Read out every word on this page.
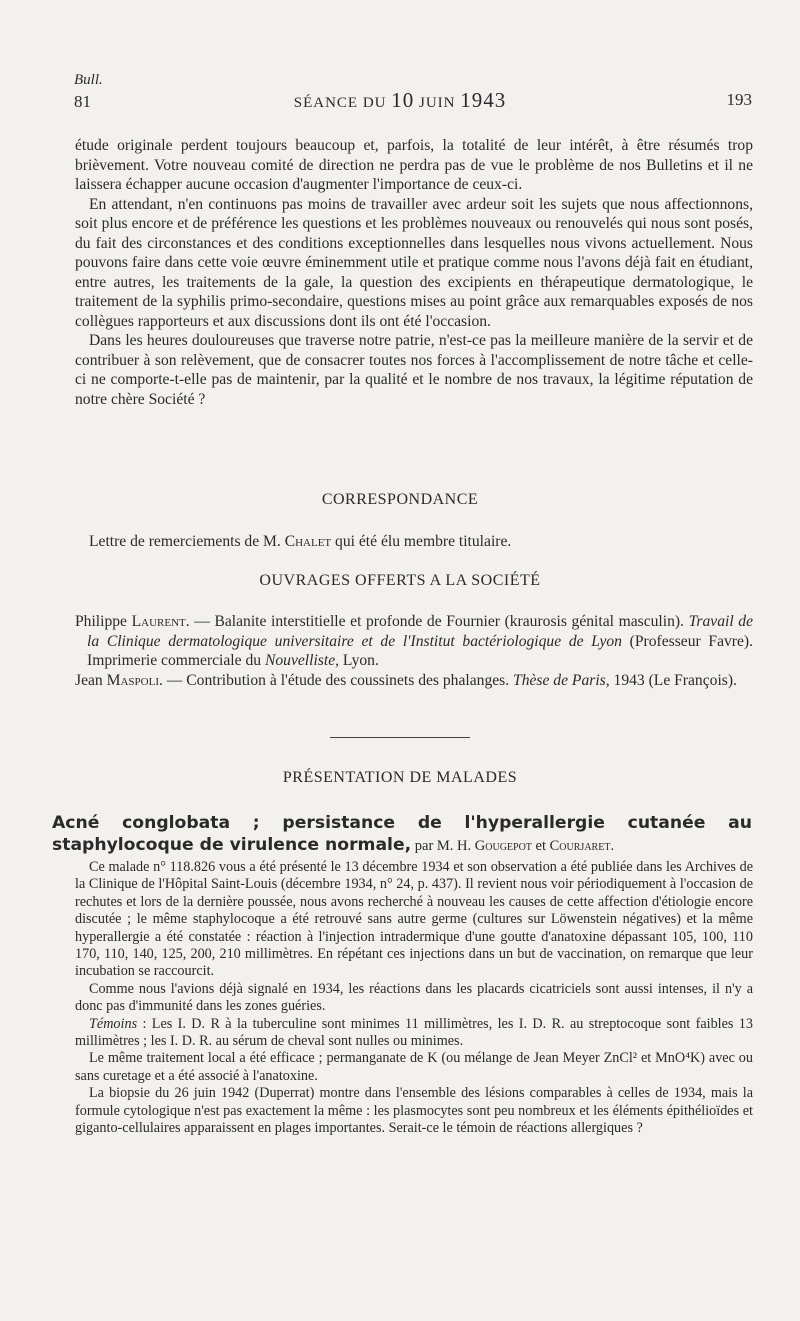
Bull.
81	SÉANCE DU 10 JUIN 1943	193

étude originale perdent toujours beaucoup et, parfois, la totalité de leur intérêt, à être résumés trop brièvement. Votre nouveau comité de direction ne perdra pas de vue le problème de nos Bulletins et il ne laissera échapper aucune occasion d'augmenter l'importance de ceux-ci.

En attendant, n'en continuons pas moins de travailler avec ardeur soit les sujets que nous affectionnons, soit plus encore et de préférence les questions et les problèmes nouveaux ou renouvelés qui nous sont posés, du fait des circonstances et des conditions exceptionnelles dans lesquelles nous vivons actuellement. Nous pouvons faire dans cette voie œuvre éminemment utile et pratique comme nous l'avons déjà fait en étudiant, entre autres, les traitements de la gale, la question des excipients en thérapeutique dermatologique, le traitement de la syphilis primo-secondaire, questions mises au point grâce aux remarquables exposés de nos collègues rapporteurs et aux discussions dont ils ont été l'occasion.

Dans les heures douloureuses que traverse notre patrie, n'est-ce pas la meilleure manière de la servir et de contribuer à son relèvement, que de consacrer toutes nos forces à l'accomplissement de notre tâche et celle-ci ne comporte-t-elle pas de maintenir, par la qualité et le nombre de nos travaux, la légitime réputation de notre chère Société ?

CORRESPONDANCE

Lettre de remerciements de M. Chalet qui été élu membre titulaire.

OUVRAGES OFFERTS A LA SOCIÉTÉ

Philippe Laurent. — Balanite interstitielle et profonde de Fournier (kraurosis génital masculin). Travail de la Clinique dermatologique universitaire et de l'Institut bactériologique de Lyon (Professeur Favre). Imprimerie commerciale du Nouvelliste, Lyon.

Jean Maspoli. — Contribution à l'étude des coussinets des phalanges. Thèse de Paris, 1943 (Le François).

PRÉSENTATION DE MALADES
Acné conglobata ; persistance de l'hyperallergie cutanée au staphylocoque de virulence normale, par M. H. Gougepot et Courjaret.

Ce malade n° 118.826 vous a été présenté le 13 décembre 1934 et son observation a été publiée dans les Archives de la Clinique de l'Hôpital Saint-Louis (décembre 1934, n° 24, p. 437). Il revient nous voir périodiquement à l'occasion de rechutes et lors de la dernière poussée, nous avons recherché à nouveau les causes de cette affection d'étiologie encore discutée ; le même staphylocoque a été retrouvé sans autre germe (cultures sur Löwenstein négatives) et la même hyperallergie a été constatée : réaction à l'injection intradermique d'une goutte d'anatoxine dépassant 105, 100, 110 170, 110, 140, 125, 200, 210 millimètres. En répétant ces injections dans un but de vaccination, on remarque que leur incubation se raccourcit.

Comme nous l'avions déjà signalé en 1934, les réactions dans les placards cicatriciels sont aussi intenses, il n'y a donc pas d'immunité dans les zones guéries.

Témoins : Les I. D. R à la tuberculine sont minimes 11 millimètres, les I. D. R. au streptocoque sont faibles 13 millimètres ; les I. D. R. au sérum de cheval sont nulles ou minimes.

Le même traitement local a été efficace ; permanganate de K (ou mélange de Jean Meyer ZnCl² et MnO⁴K) avec ou sans curetage et a été associé à l'anatoxine.

La biopsie du 26 juin 1942 (Duperrat) montre dans l'ensemble des lésions comparables à celles de 1934, mais la formule cytologique n'est pas exactement la même : les plasmocytes sont peu nombreux et les éléments épithélioïdes et giganto-cellulaires apparaissent en plages importantes. Serait-ce le témoin de réactions allergiques ?
